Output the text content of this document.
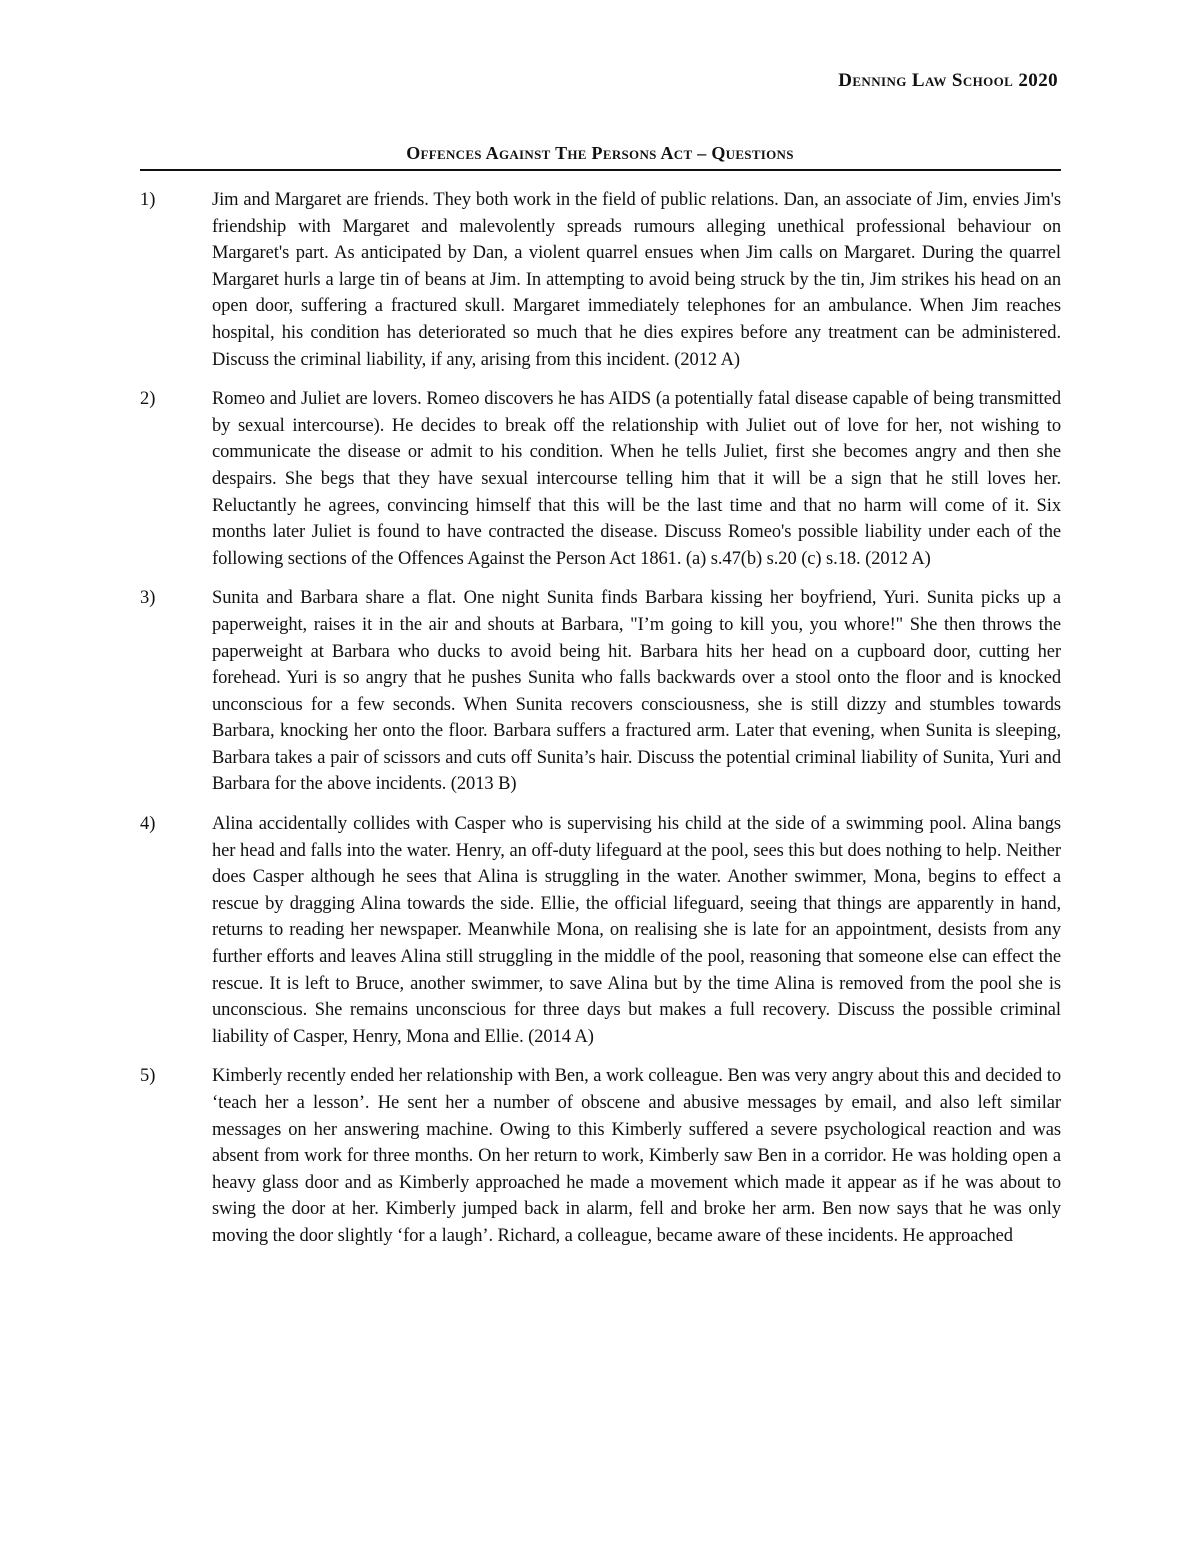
Denning Law School 2020
Offences Against The Persons Act – Questions
1)	Jim and Margaret are friends. They both work in the field of public relations. Dan, an associate of Jim, envies Jim's friendship with Margaret and malevolently spreads rumours alleging unethical professional behaviour on Margaret's part. As anticipated by Dan, a violent quarrel ensues when Jim calls on Margaret. During the quarrel Margaret hurls a large tin of beans at Jim. In attempting to avoid being struck by the tin, Jim strikes his head on an open door, suffering a fractured skull. Margaret immediately telephones for an ambulance. When Jim reaches hospital, his condition has deteriorated so much that he dies expires before any treatment can be administered. Discuss the criminal liability, if any, arising from this incident. (2012 A)
2)	Romeo and Juliet are lovers. Romeo discovers he has AIDS (a potentially fatal disease capable of being transmitted by sexual intercourse). He decides to break off the relationship with Juliet out of love for her, not wishing to communicate the disease or admit to his condition. When he tells Juliet, first she becomes angry and then she despairs. She begs that they have sexual intercourse telling him that it will be a sign that he still loves her. Reluctantly he agrees, convincing himself that this will be the last time and that no harm will come of it. Six months later Juliet is found to have contracted the disease. Discuss Romeo's possible liability under each of the following sections of the Offences Against the Person Act 1861. (a) s.47(b) s.20 (c) s.18. (2012 A)
3)	Sunita and Barbara share a flat. One night Sunita finds Barbara kissing her boyfriend, Yuri. Sunita picks up a paperweight, raises it in the air and shouts at Barbara, "I’m going to kill you, you whore!" She then throws the paperweight at Barbara who ducks to avoid being hit. Barbara hits her head on a cupboard door, cutting her forehead. Yuri is so angry that he pushes Sunita who falls backwards over a stool onto the floor and is knocked unconscious for a few seconds. When Sunita recovers consciousness, she is still dizzy and stumbles towards Barbara, knocking her onto the floor. Barbara suffers a fractured arm. Later that evening, when Sunita is sleeping, Barbara takes a pair of scissors and cuts off Sunita’s hair. Discuss the potential criminal liability of Sunita, Yuri and Barbara for the above incidents. (2013 B)
4)	Alina accidentally collides with Casper who is supervising his child at the side of a swimming pool. Alina bangs her head and falls into the water. Henry, an off-duty lifeguard at the pool, sees this but does nothing to help. Neither does Casper although he sees that Alina is struggling in the water. Another swimmer, Mona, begins to effect a rescue by dragging Alina towards the side. Ellie, the official lifeguard, seeing that things are apparently in hand, returns to reading her newspaper. Meanwhile Mona, on realising she is late for an appointment, desists from any further efforts and leaves Alina still struggling in the middle of the pool, reasoning that someone else can effect the rescue. It is left to Bruce, another swimmer, to save Alina but by the time Alina is removed from the pool she is unconscious. She remains unconscious for three days but makes a full recovery. Discuss the possible criminal liability of Casper, Henry, Mona and Ellie. (2014 A)
5)	Kimberly recently ended her relationship with Ben, a work colleague. Ben was very angry about this and decided to ‘teach her a lesson’. He sent her a number of obscene and abusive messages by email, and also left similar messages on her answering machine. Owing to this Kimberly suffered a severe psychological reaction and was absent from work for three months. On her return to work, Kimberly saw Ben in a corridor. He was holding open a heavy glass door and as Kimberly approached he made a movement which made it appear as if he was about to swing the door at her. Kimberly jumped back in alarm, fell and broke her arm. Ben now says that he was only moving the door slightly ‘for a laugh’. Richard, a colleague, became aware of these incidents. He approached
